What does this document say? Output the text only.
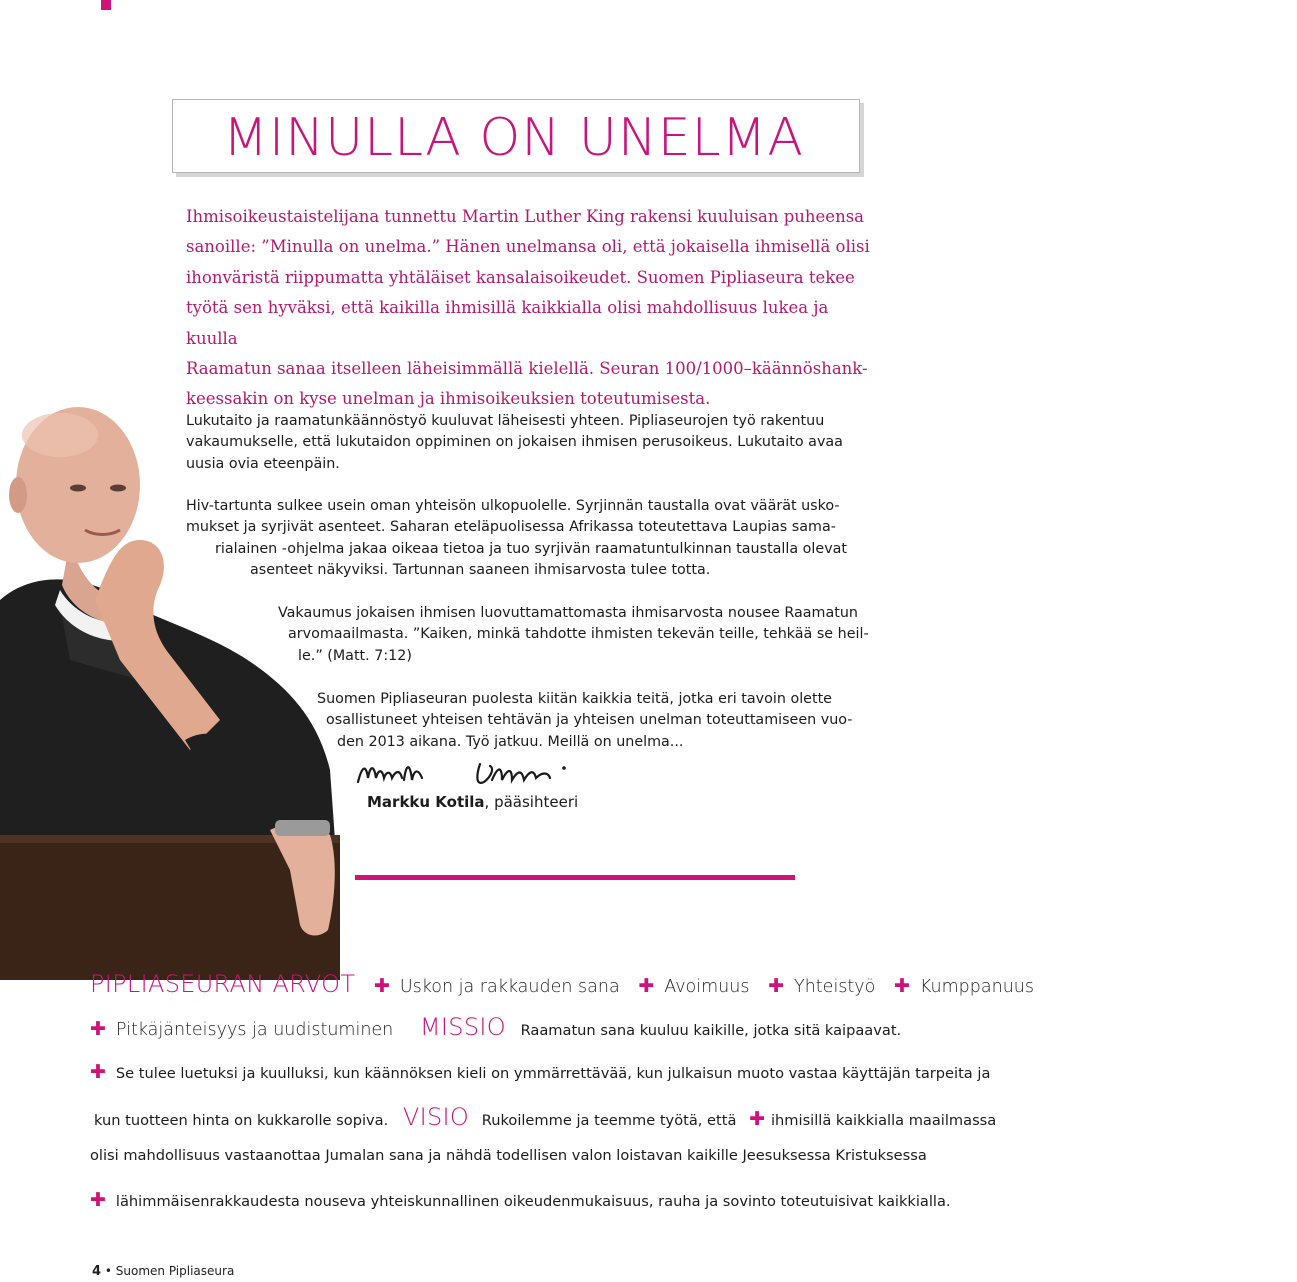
MINULLA ON UNELMA
Ihmisoikeustaistelijana tunnettu Martin Luther King rakensi kuuluisan puheensa
sanoille: ”Minulla on unelma.” Hänen unelmansa oli, että jokaisella ihmisellä olisi
ihonväristä riippumatta yhtäläiset kansalaisoikeudet. Suomen Pipliaseura tekee
työtä sen hyväksi, että kaikilla ihmisillä kaikkialla olisi mahdollisuus lukea ja kuulla
Raamatun sanaa itselleen läheisimmällä kielellä. Seuran 100/1000–käännöshank-
keessakin on kyse unelman ja ihmisoikeuksien toteutumisesta.

Lukutaito ja raamatunkäännöstyö kuuluvat läheisesti yhteen. Pipliaseurojen työ rakentuu
vakaumukselle, että lukutaidon oppiminen on jokaisen ihmisen perusoikeus. Lukutaito avaa
uusia ovia eteenpäin.

Hiv-tartunta sulkee usein oman yhteisön ulkopuolelle. Syrjinnän taustalla ovat väärät usko-
mukset ja syrjivät asenteet. Saharan eteläpuolisessa Afrikassa toteutettava Laupias sama-
rialainen -ohjelma jakaa oikeaa tietoa ja tuo syrjivän raamatuntulkinnan taustalla olevat
asenteet näkyviksi. Tartunnan saaneen ihmisarvosta tulee totta.
Vakaumus jokaisen ihmisen luovuttamattomasta ihmisarvosta nousee Raamatun
arvomaailmasta. ”Kaiken, minkä tahdotte ihmisten tekevän teille, tehkää se heil-
le.” (Matt. 7:12)
Suomen Pipliaseuran puolesta kiitän kaikkia teitä, jotka eri tavoin olette
osallistuneet yhteisen tehtävän ja yhteisen unelman toteuttamiseen vuo-
den 2013 aikana. Työ jatkuu. Meillä on unelma...
Markku Kotila, pääsihteeri
PIPLIASEURAN ARVOT ✚ Uskon ja rakkauden sana ✚ Avoimuus ✚ Yhteistyö ✚ Kumppanuus
✚ Pitkäjänteisyys ja uudistuminen MISSIO Raamatun sana kuuluu kaikille, jotka sitä kaipaavat.
✚ Se tulee luetuksi ja kuulluksi, kun käännöksen kieli on ymmärrettävää, kun julkaisun muoto vastaa käyttäjän tarpeita ja
kun tuotteen hinta on kukkarolle sopiva. VISIO Rukoilemme ja teemme työtä, että ✚ ihmisillä kaikkialla maailmassa
olisi mahdollisuus vastaanottaa Jumalan sana ja nähdä todellisen valon loistavan kaikille Jeesuksessa Kristuksessa
✚ lähimmäisenrakkaudesta nouseva yhteiskunnallinen oikeudenmukaisuus, rauha ja sovinto toteutuisivat kaikkialla.
4 • Suomen Pipliaseura
